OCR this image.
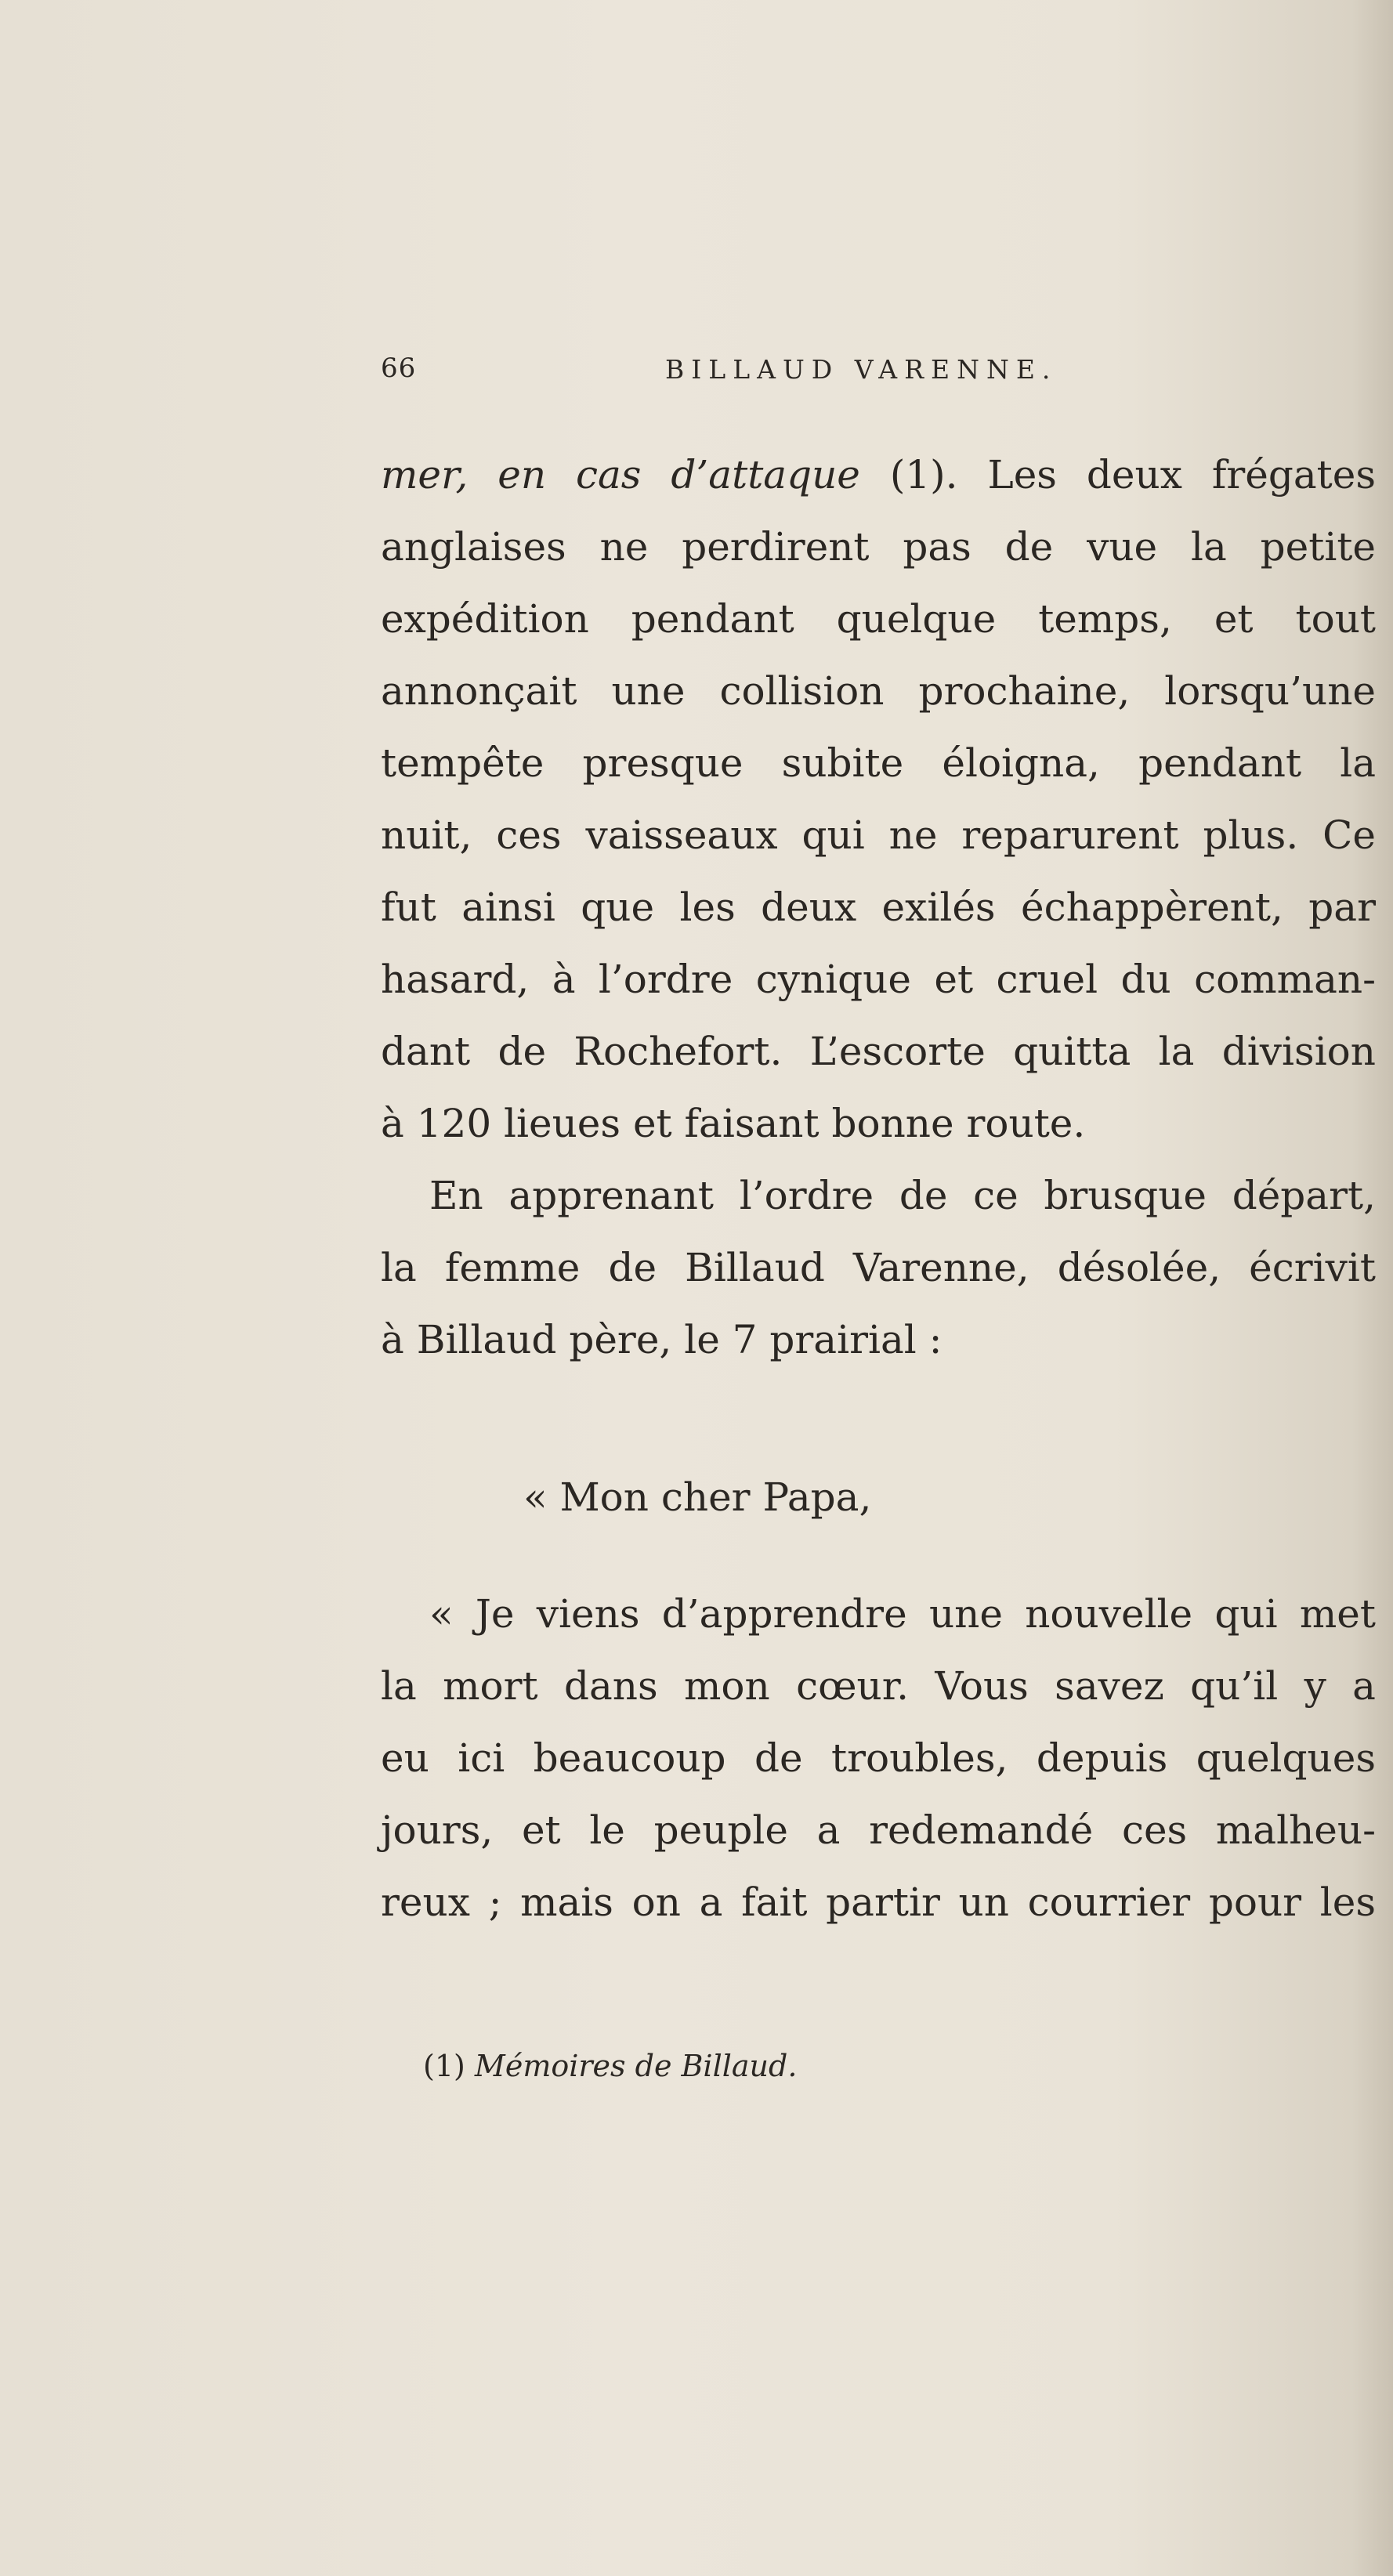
66	BILLAUD VARENNE.
mer, en cas d’attaque (1). Les deux frégates
anglaises ne perdirent pas de vue la petite
expédition pendant quelque temps, et tout
annonçait une collision prochaine, lorsqu’une
tempête presque subite éloigna, pendant la
nuit, ces vaisseaux qui ne reparurent plus. Ce
fut ainsi que les deux exilés échappèrent, par
hasard, à l’ordre cynique et cruel du comman-
dant de Rochefort. L’escorte quitta la division
à 120 lieues et faisant bonne route.
En apprenant l’ordre de ce brusque départ,
la femme de Billaud Varenne, désolée, écrivit
à Billaud père, le 7 prairial :
« Mon cher Papa,
« Je viens d’apprendre une nouvelle qui met
la mort dans mon cœur. Vous savez qu’il y a
eu ici beaucoup de troubles, depuis quelques
jours, et le peuple a redemandé ces malheu-
reux ; mais on a fait partir un courrier pour les
(1) Mémoires de Billaud.
